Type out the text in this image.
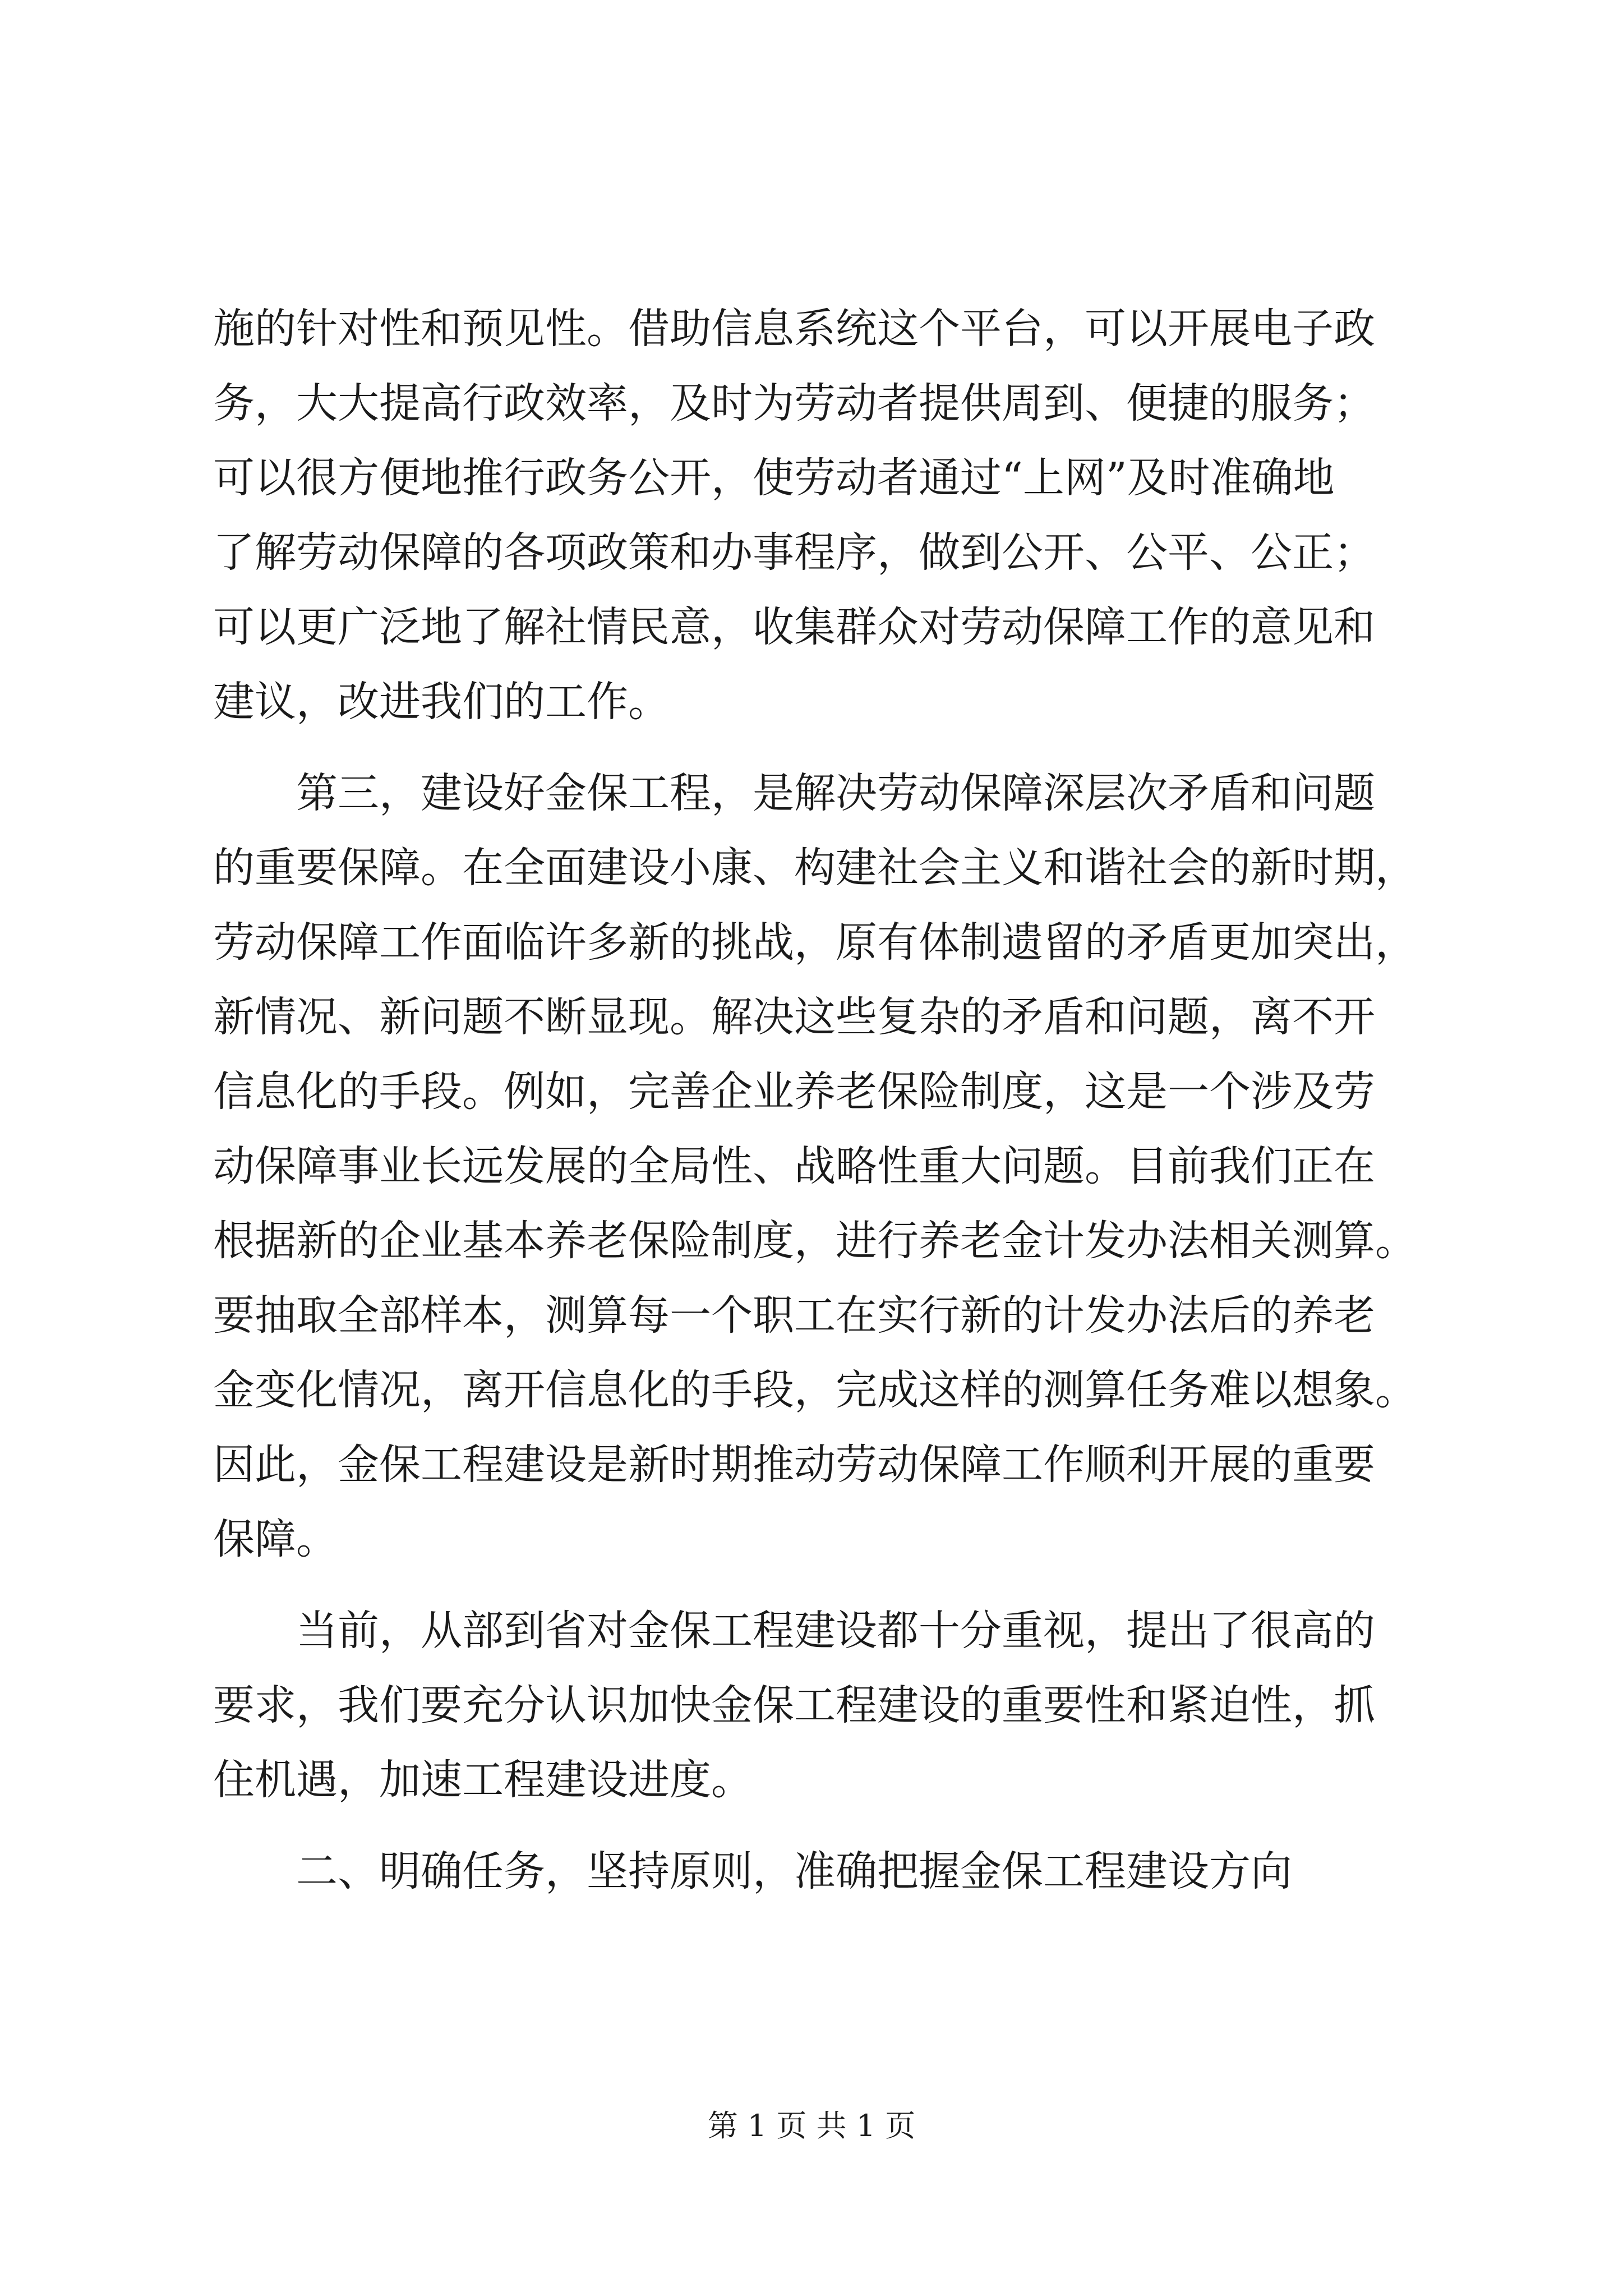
施的针对性和预见性。借助信息系统这个平台，可以开展电子政
务，大大提高行政效率，及时为劳动者提供周到、便捷的服务；
可以很方便地推行政务公开，使劳动者通过“上网”及时准确地
了解劳动保障的各项政策和办事程序，做到公开、公平、公正；
可以更广泛地了解社情民意，收集群众对劳动保障工作的意见和
建议，改进我们的工作。
第三，建设好金保工程，是解决劳动保障深层次矛盾和问题
的重要保障。在全面建设小康、构建社会主义和谐社会的新时期，
劳动保障工作面临许多新的挑战，原有体制遗留的矛盾更加突出，
新情况、新问题不断显现。解决这些复杂的矛盾和问题，离不开
信息化的手段。例如，完善企业养老保险制度，这是一个涉及劳
动保障事业长远发展的全局性、战略性重大问题。目前我们正在
根据新的企业基本养老保险制度，进行养老金计发办法相关测算。
要抽取全部样本，测算每一个职工在实行新的计发办法后的养老
金变化情况，离开信息化的手段，完成这样的测算任务难以想象。
因此，金保工程建设是新时期推动劳动保障工作顺利开展的重要
保障。
当前，从部到省对金保工程建设都十分重视，提出了很高的
要求，我们要充分认识加快金保工程建设的重要性和紧迫性，抓
住机遇，加速工程建设进度。
二、明确任务，坚持原则，准确把握金保工程建设方向
第 1 页 共 1 页
